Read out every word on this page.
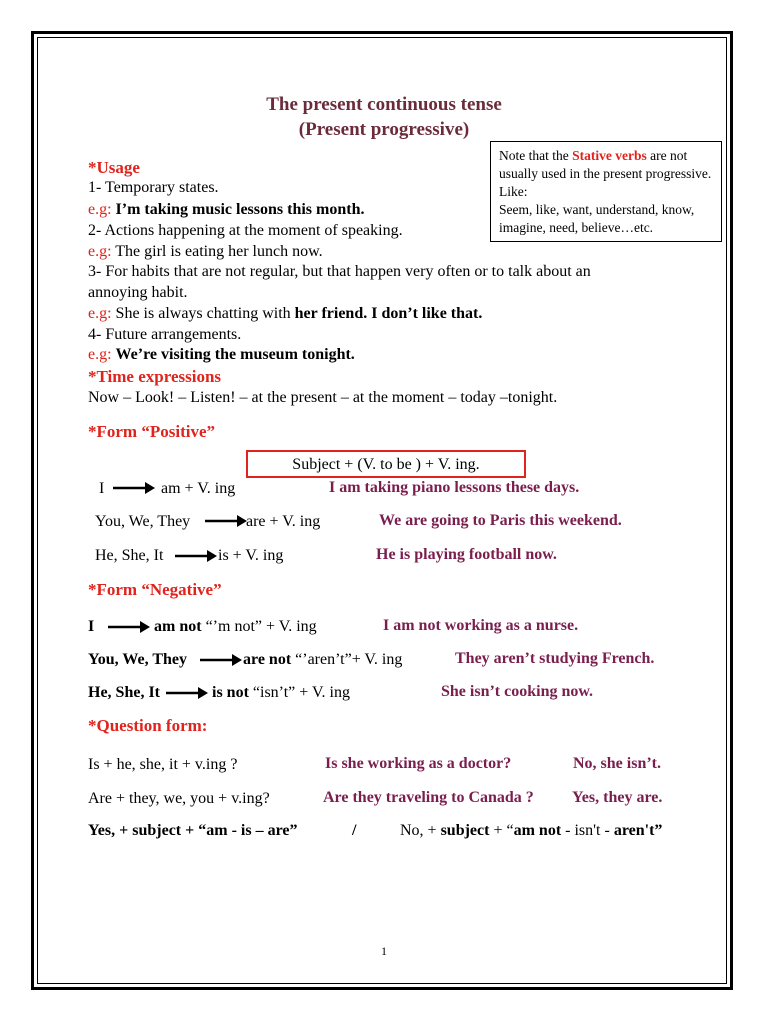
The present continuous tense
(Present progressive)
Note that the Stative verbs are not usually used in the present progressive. Like:
Seem, like, want, understand, know, imagine, need, believe…etc.
*Usage
1- Temporary states.
e.g: I’m taking music lessons this month.
2- Actions happening at the moment of speaking.
e.g: The girl is eating her lunch now.
3- For habits that are not regular, but that happen very often or to talk about an
annoying habit.
e.g: She is always chatting with her friend. I don’t like that.
4- Future arrangements.
e.g: We’re visiting the museum tonight.
*Time expressions
Now – Look! – Listen! – at the present – at the moment – today –tonight.
*Form “Positive”
Subject + (V. to be ) + V. ing.
I	am + V. ing	I am taking piano lessons these days.
You, We, They	are + V. ing	We are going to Paris this weekend.
He, She, It	is + V. ing	He is playing football now.
*Form “Negative”
I	am not “’m not” + V. ing	I am not working as a nurse.
You, We, They	are not “’aren’t”+ V. ing	They aren’t studying French.
He, She, It	is not “isn’t” + V. ing	She isn’t cooking now.
*Question form:
Is + he, she, it + v.ing ?	Is she working as a doctor?	No, she isn’t.
Are + they, we, you + v.ing?	Are they traveling to Canada ? Yes, they are.
Yes, + subject + “am - is – are”	/	No, + subject + “am not - isn't - aren't”
1
